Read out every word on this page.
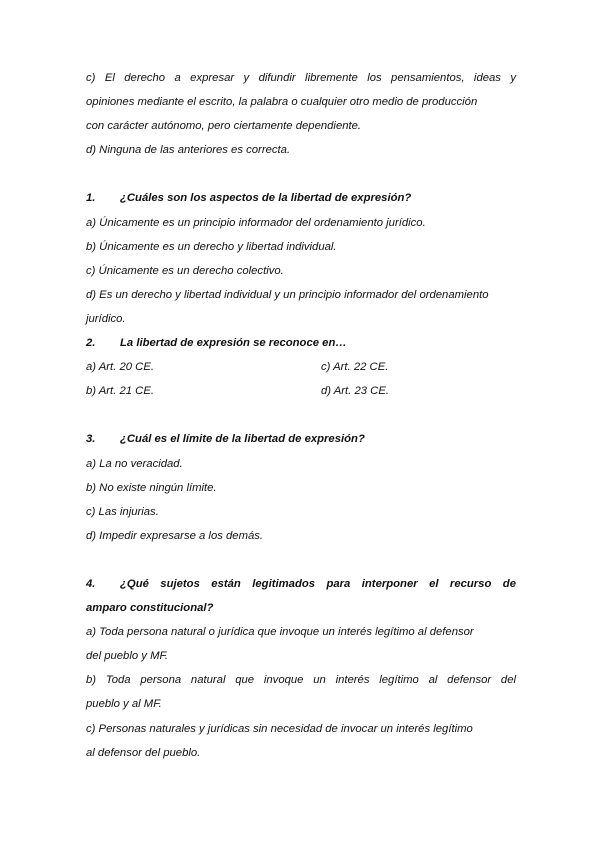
c) El derecho a expresar y difundir libremente los pensamientos, ideas y
opiniones mediante el escrito, la palabra o cualquier otro medio de producción
con carácter autónomo, pero ciertamente dependiente.
d) Ninguna de las anteriores es correcta.
1.	¿Cuáles son los aspectos de la libertad de expresión?
a) Únicamente es un principio informador del ordenamiento jurídico.
b) Únicamente es un derecho y libertad individual.
c) Únicamente es un derecho colectivo.
d) Es un derecho y libertad individual y un principio informador del ordenamiento
jurídico.
2.	La libertad de expresión se reconoce en…
a) Art. 20 CE.	c) Art. 22 CE.
b) Art. 21 CE.	d) Art. 23 CE.
3.	¿Cuál es el límite de la libertad de expresión?
a) La no veracidad.
b) No existe ningún límite.
c) Las injurias.
d) Impedir expresarse a los demás.
4.	¿Qué sujetos están legitimados para interponer el recurso de
amparo constitucional?
a) Toda persona natural o jurídica que invoque un interés legítimo al defensor
del pueblo y MF.
b) Toda persona natural que invoque un interés legítimo al defensor del
pueblo y al MF.
c) Personas naturales y jurídicas sin necesidad de invocar un interés legítimo
al defensor del pueblo.
